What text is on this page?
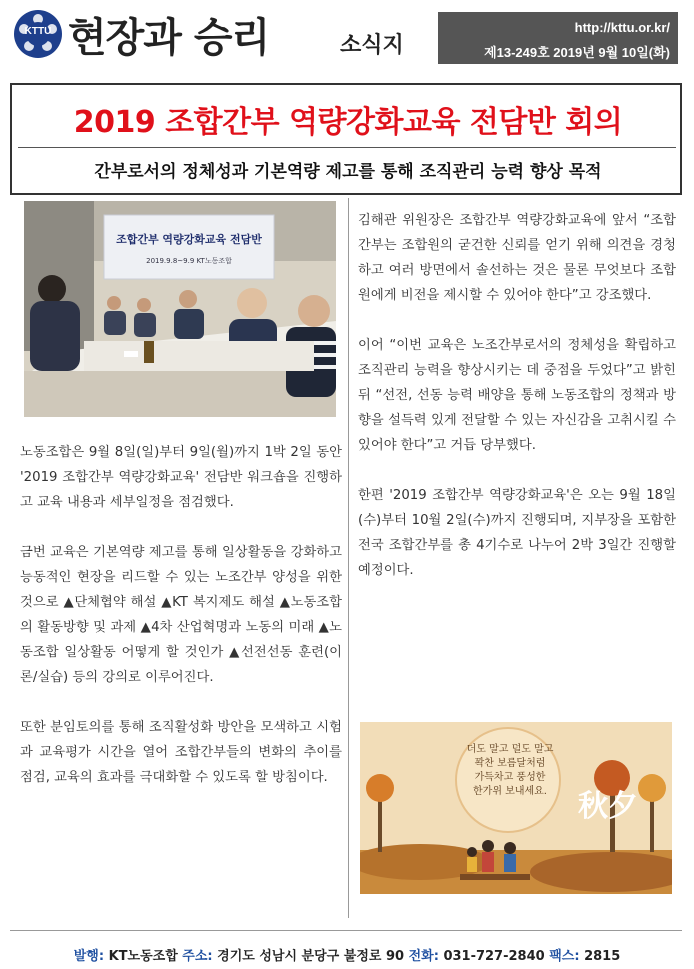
KTTU 현장과 승리	소식지
http://kttu.or.kr/
제13-249호 2019년 9월 10일(화)
2019 조합간부 역량강화교육 전담반 회의
간부로서의 정체성과 기본역량 제고를 통해 조직관리 능력 향상 목적
조합간부 역량강화교육 전담반
2019.9.8~9.9 KT노동조합

노동조합은 9월 8일(일)부터 9일(월)까지 1박 2일 동안 '2019 조합간부 역량강화교육' 전담반 워크숍을 진행하고 교육 내용과 세부일정을 점검했다.

금번 교육은 기본역량 제고를 통해 일상활동을 강화하고 능동적인 현장을 리드할 수 있는 노조간부 양성을 위한 것으로 ▲단체협약 해설 ▲KT 복지제도 해설 ▲노동조합의 활동방향 및 과제 ▲4차 산업혁명과 노동의 미래 ▲노동조합 일상활동 어떻게 할 것인가 ▲선전선동 훈련(이론/실습) 등의 강의로 이루어진다.

또한 분임토의를 통해 조직활성화 방안을 모색하고 시험과 교육평가 시간을 열어 조합간부들의 변화의 추이를 점검, 교육의 효과를 극대화할 수 있도록 할 방침이다.

김해관 위원장은 조합간부 역량강화교육에 앞서 “조합간부는 조합원의 굳건한 신뢰를 얻기 위해 의견을 경청하고 여러 방면에서 솔선하는 것은 물론 무엇보다 조합원에게 비전을 제시할 수 있어야 한다”고 강조했다.

이어 “이번 교육은 노조간부로서의 정체성을 확립하고 조직관리 능력을 향상시키는 데 중점을 두었다”고 밝힌 뒤 “선전, 선동 능력 배양을 통해 노동조합의 정책과 방향을 설득력 있게 전달할 수 있는 자신감을 고취시킬 수 있어야 한다”고 거듭 당부했다.

한편 '2019 조합간부 역량강화교육'은 오는 9월 18일(수)부터 10월 2일(수)까지 진행되며, 지부장을 포함한 전국 조합간부를 총 4기수로 나누어 2박 3일간 진행할 예정이다.

더도 말고 덜도 말고
꽉찬 보름달처럼
가득차고 풍성한
한가위 보내세요. 秋夕
발행: KT노동조합 주소: 경기도 성남시 분당구 불정로 90 전화: 031-727-2840 팩스: 2815
